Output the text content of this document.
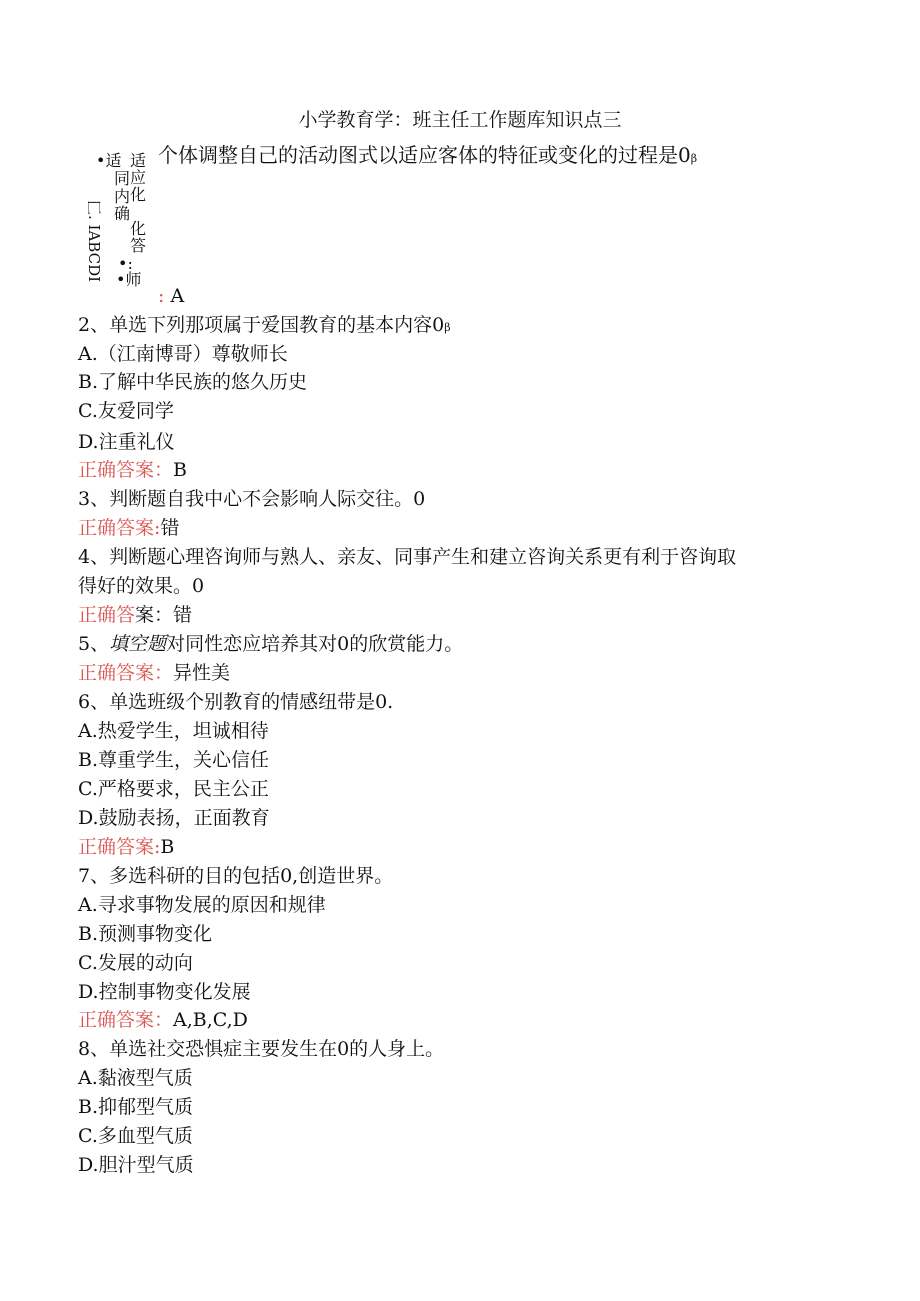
小学教育学：班主任工作题库知识点三
个体调整自己的活动图式以适应客体的特征或变化的过程是0β
•适
同
适应
化
内确
化答
匚. IABCDI •:
•师
: A
2、单选下列那项属于爱国教育的基本内容0β
A.（江南博哥）尊敬师长
B.了解中华民族的悠久历史
C.友爱同学
D.注重礼仪
正确答案：B
3、判断题自我中心不会影响人际交往。0
正确答案:错
4、判断题心理咨询师与熟人、亲友、同事产生和建立咨询关系更有利于咨询取
得好的效果。0
正确答案：错
5、填空题对同性恋应培养其对0的欣赏能力。
正确答案：异性美
6、单选班级个别教育的情感纽带是0.
A.热爱学生，坦诚相待
B.尊重学生，关心信任
C.严格要求，民主公正
D.鼓励表扬，正面教育
正确答案:B
7、多选科研的目的包括0,创造世界。
A.寻求事物发展的原因和规律
B.预测事物变化
C.发展的动向
D.控制事物变化发展
正确答案：A,B,C,D
8、单选社交恐惧症主要发生在0的人身上。
A.黏液型气质
B.抑郁型气质
C.多血型气质
D.胆汁型气质
